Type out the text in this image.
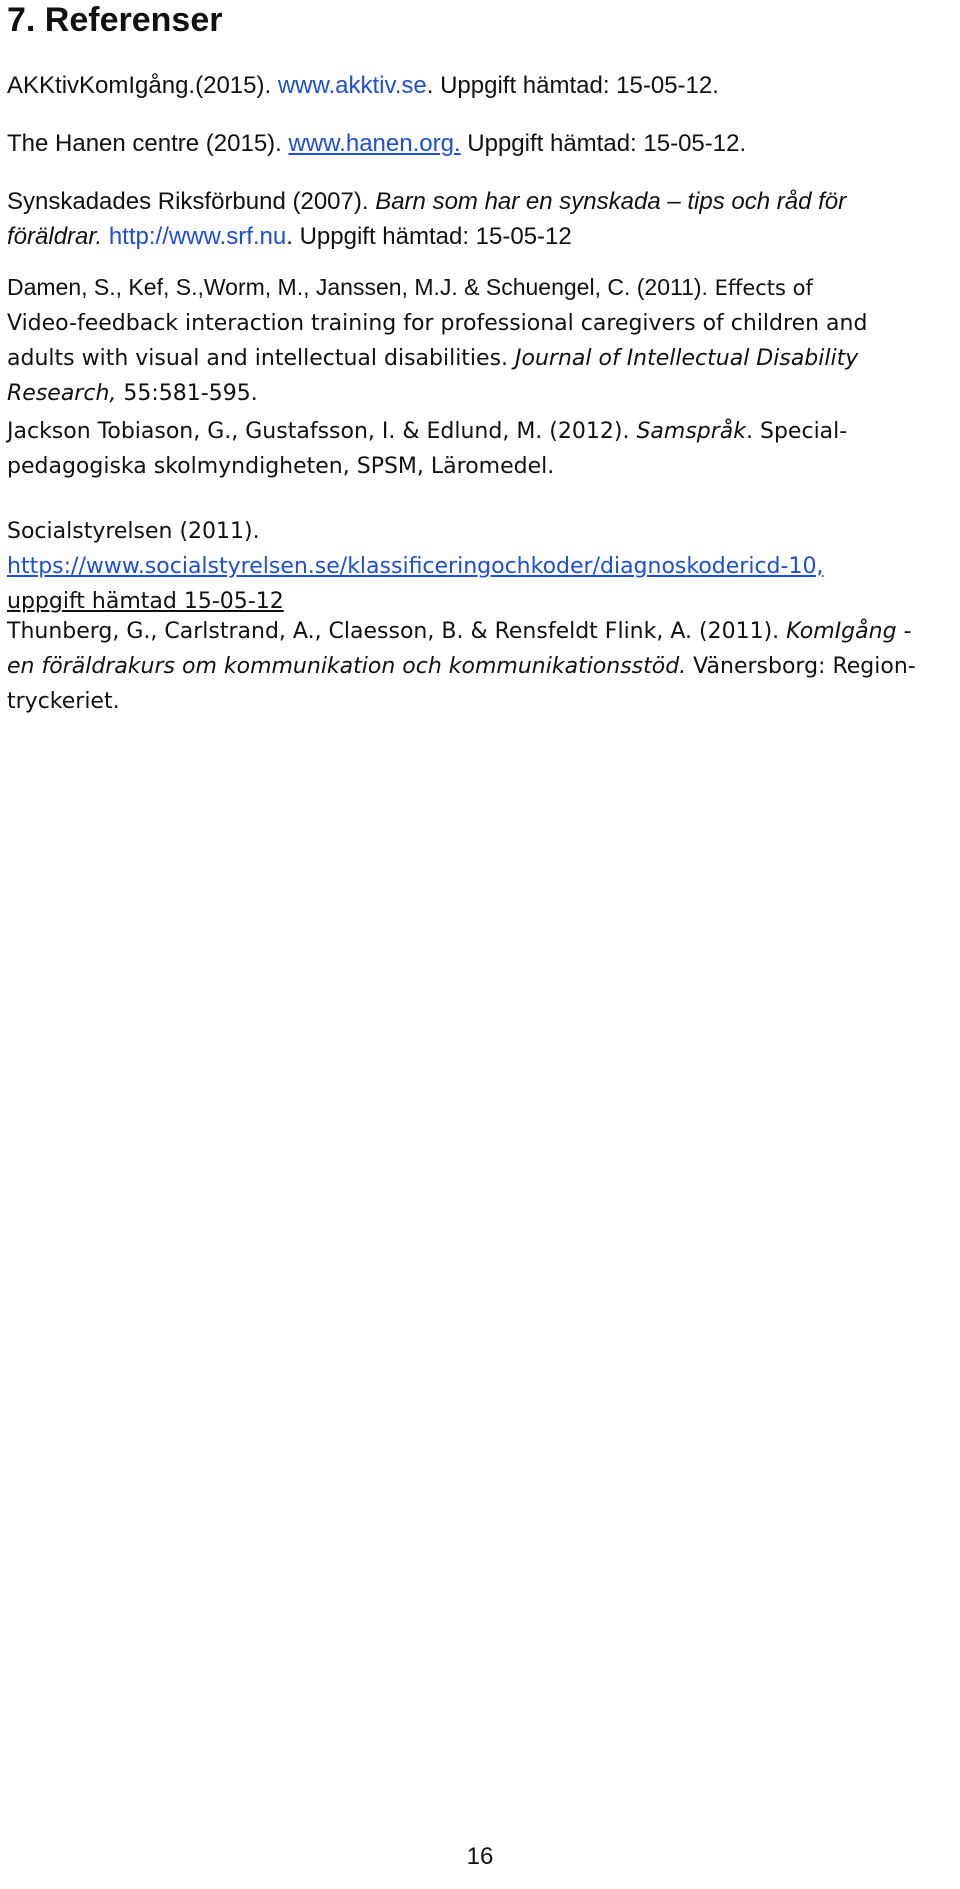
7. Referenser

AKKtivKomIgång.(2015). www.akktiv.se. Uppgift hämtad: 15-05-12.

The Hanen centre (2015). www.hanen.org. Uppgift hämtad: 15-05-12.

Synskadades Riksförbund (2007). Barn som har en synskada – tips och råd för
föräldrar. http://www.srf.nu. Uppgift hämtad: 15-05-12

Damen, S., Kef, S.,Worm, M., Janssen, M.J. & Schuengel, C. (2011). Effects of
Video-feedback interaction training for professional caregivers of children and
adults with visual and intellectual disabilities. Journal of Intellectual Disability
Research, 55:581-595.

Jackson Tobiason, G., Gustafsson, I. & Edlund, M. (2012). Samspråk. Special-
pedagogiska skolmyndigheten, SPSM, Läromedel.

Socialstyrelsen (2011).
https://www.socialstyrelsen.se/klassificeringochkoder/diagnoskodericd-10,
uppgift hämtad 15-05-12

Thunberg, G., Carlstrand, A., Claesson, B. & Rensfeldt Flink, A. (2011). KomIgång -
en föräldrakurs om kommunikation och kommunikationsstöd. Vänersborg: Region-
tryckeriet.

16
